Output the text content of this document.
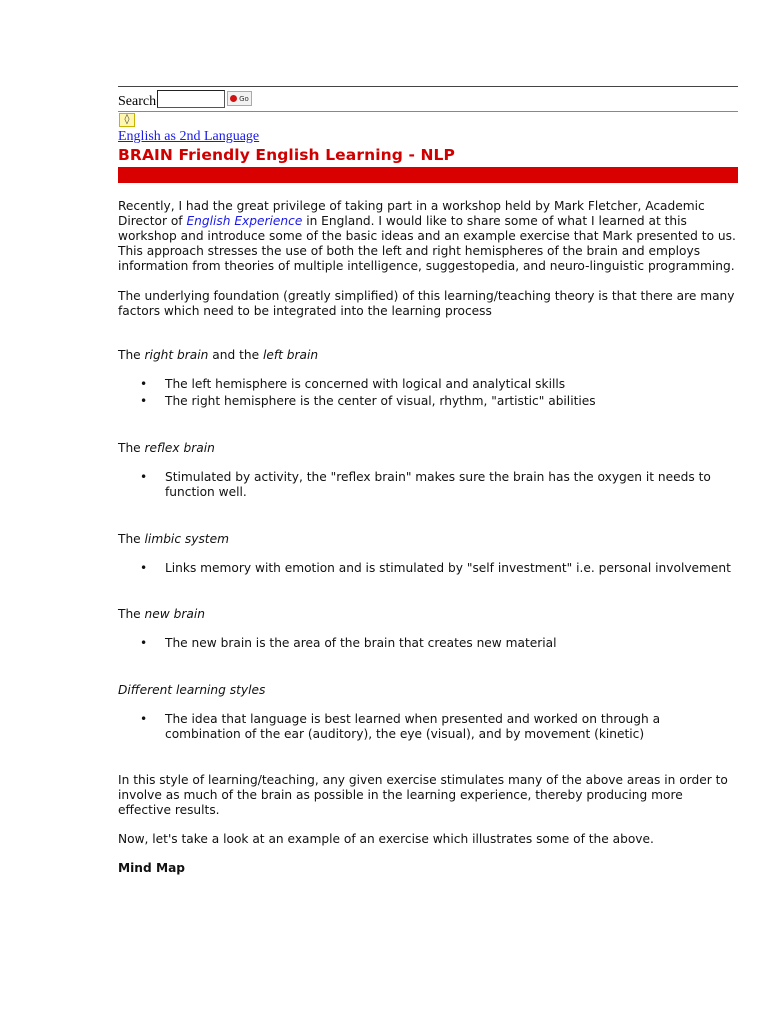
Search	Go
◊
English as 2nd Language
BRAIN Friendly English Learning - NLP

Recently, I had the great privilege of taking part in a workshop held by Mark Fletcher, Academic Director of English Experience in England. I would like to share some of what I learned at this workshop and introduce some of the basic ideas and an example exercise that Mark presented to us. This approach stresses the use of both the left and right hemispheres of the brain and employs information from theories of multiple intelligence, suggestopedia, and neuro-linguistic programming.

The underlying foundation (greatly simplified) of this learning/teaching theory is that there are many factors which need to be integrated into the learning process

The right brain and the left brain

• The left hemisphere is concerned with logical and analytical skills
• The right hemisphere is the center of visual, rhythm, "artistic" abilities

The reflex brain

• Stimulated by activity, the "reflex brain" makes sure the brain has the oxygen it needs to function well.

The limbic system

• Links memory with emotion and is stimulated by "self investment" i.e. personal involvement

The new brain

• The new brain is the area of the brain that creates new material

Different learning styles

• The idea that language is best learned when presented and worked on through a combination of the ear (auditory), the eye (visual), and by movement (kinetic)

In this style of learning/teaching, any given exercise stimulates many of the above areas in order to involve as much of the brain as possible in the learning experience, thereby producing more effective results.

Now, let's take a look at an example of an exercise which illustrates some of the above.

Mind Map
